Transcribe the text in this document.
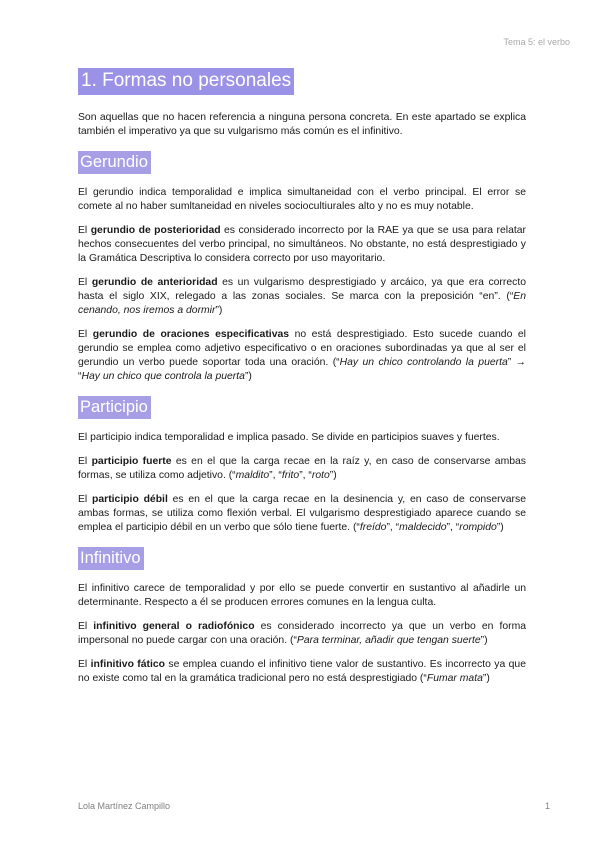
Tema 5: el verbo
1. Formas no personales

Son aquellas que no hacen referencia a ninguna persona concreta. En este apartado se explica también el imperativo ya que su vulgarismo más común es el infinitivo.

Gerundio

El gerundio indica temporalidad e implica simultaneidad con el verbo principal. El error se comete al no haber sumltaneidad en niveles sociocultiurales alto y no es muy notable.

El gerundio de posterioridad es considerado incorrecto por la RAE ya que se usa para relatar hechos consecuentes del verbo principal, no simultáneos. No obstante, no está desprestigiado y la Gramática Descriptiva lo considera correcto por uso mayoritario.

El gerundio de anterioridad es un vulgarismo desprestigiado y arcáico, ya que era correcto hasta el siglo XIX, relegado a las zonas sociales. Se marca con la preposición “en”. (“En cenando, nos iremos a dormir”)

El gerundio de oraciones especificativas no está desprestigiado. Esto sucede cuando el gerundio se emplea como adjetivo especificativo o en oraciones subordinadas ya que al ser el gerundio un verbo puede soportar toda una oración. (“Hay un chico controlando la puerta” → “Hay un chico que controla la puerta”)

Participio

El participio indica temporalidad e implica pasado. Se divide en participios suaves y fuertes.

El participio fuerte es en el que la carga recae en la raíz y, en caso de conservarse ambas formas, se utiliza como adjetivo. (“maldito”, “frito”, “roto”)

El participio débil es en el que la carga recae en la desinencia y, en caso de conservarse ambas formas, se utiliza como flexión verbal. El vulgarismo desprestigiado aparece cuando se emplea el participio débil en un verbo que sólo tiene fuerte. (“freído”, “maldecido”, “rompido”)

Infinitivo

El infinitivo carece de temporalidad y por ello se puede convertir en sustantivo al añadirle un determinante. Respecto a él se producen errores comunes en la lengua culta.

El infinitivo general o radiofónico es considerado incorrecto ya que un verbo en forma impersonal no puede cargar con una oración. (“Para terminar, añadir que tengan suerte”)

El infinitivo fático se emplea cuando el infinitivo tiene valor de sustantivo. Es incorrecto ya que no existe como tal en la gramática tradicional pero no está desprestigiado (“Fumar mata”)

Lola Martínez Campillo	1
